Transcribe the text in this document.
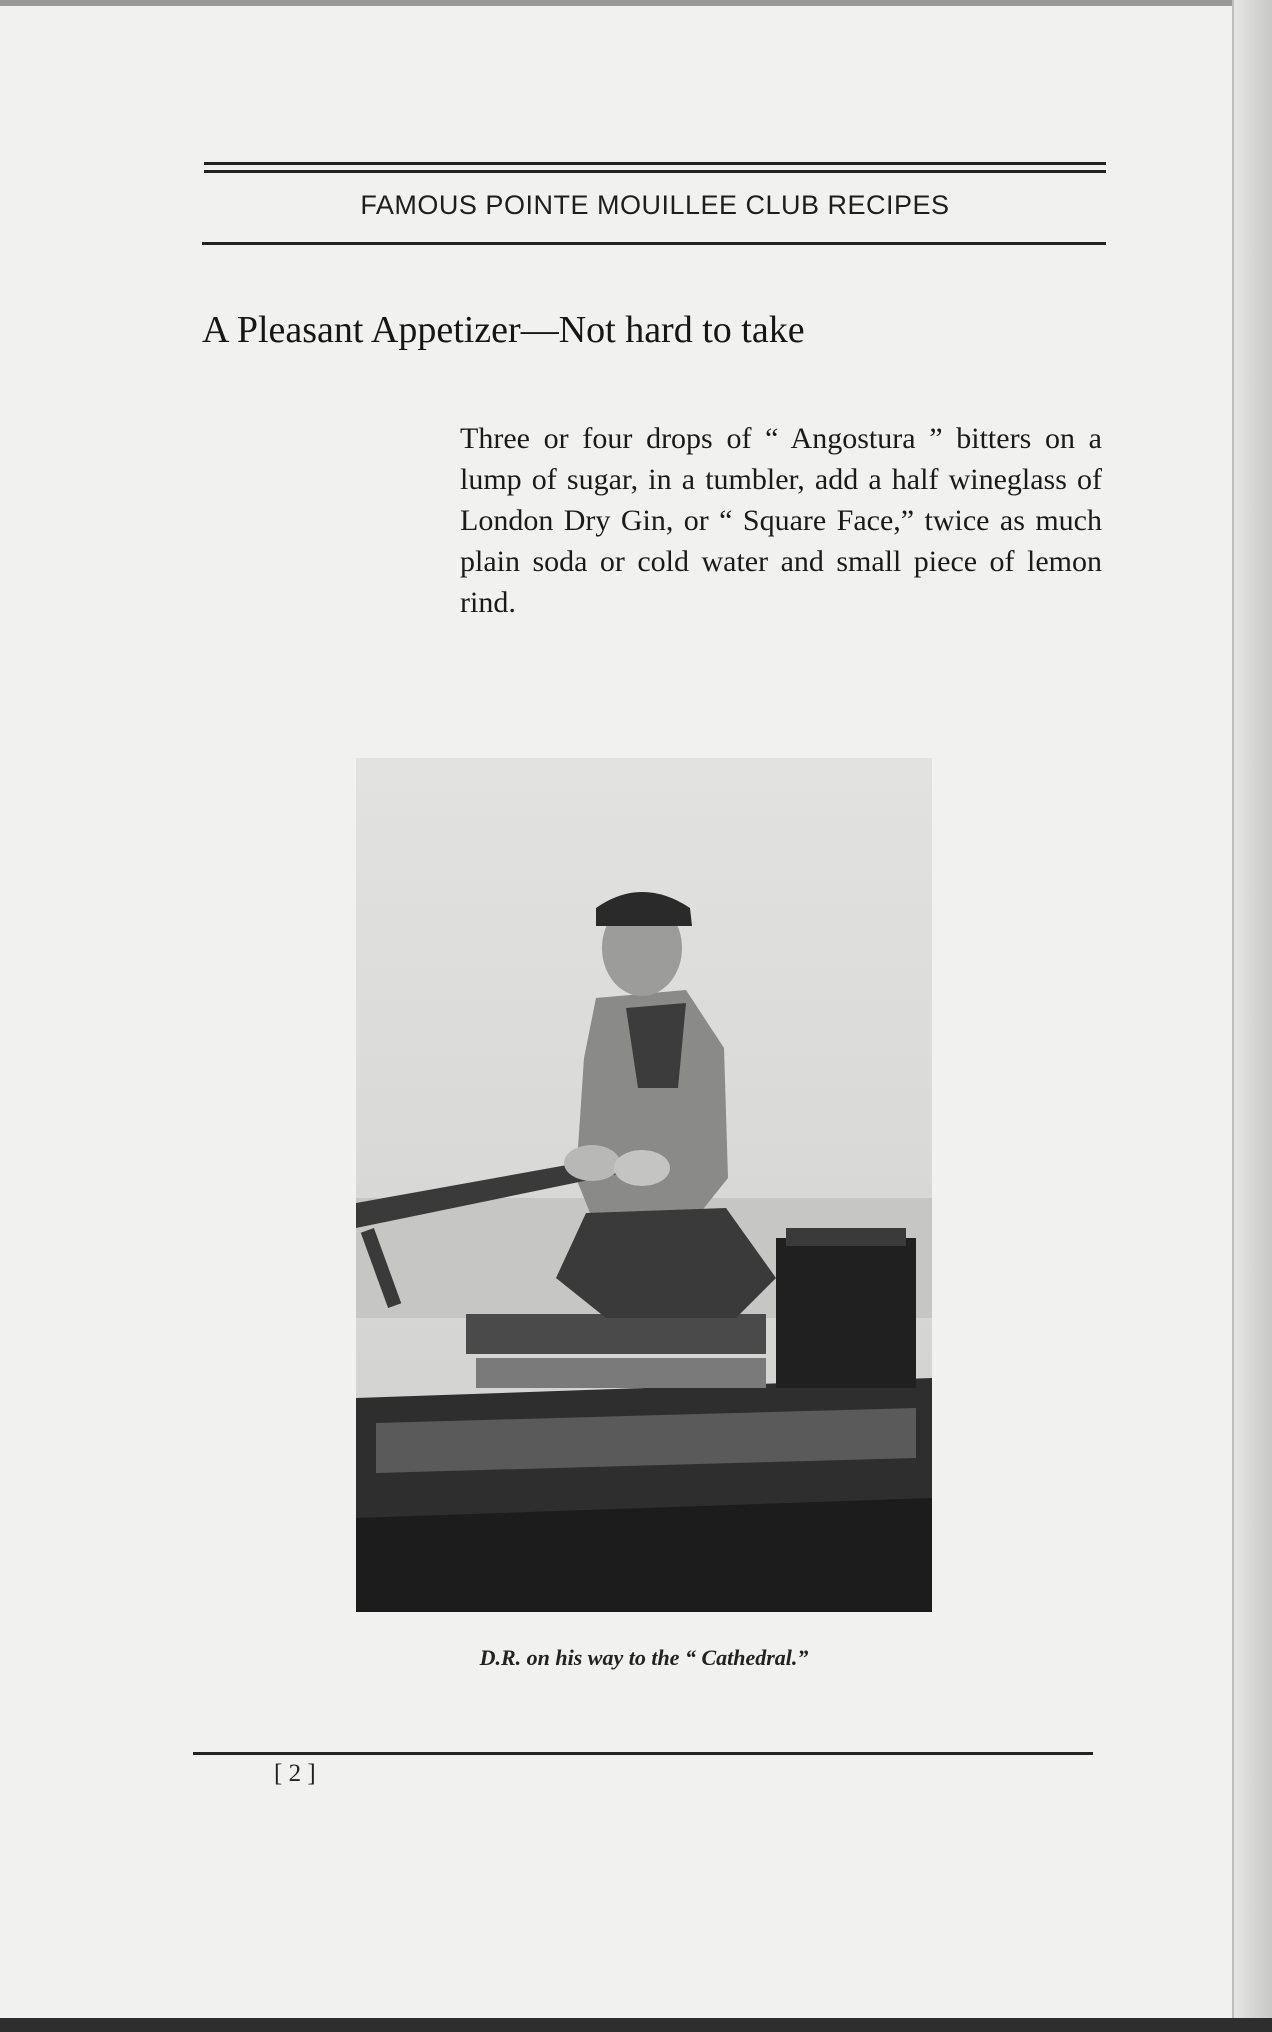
FAMOUS POINTE MOUILLEE CLUB RECIPES
A Pleasant Appetizer—Not hard to take
Three or four drops of “ Angostura ” bitters on a lump of sugar, in a tumbler, add a half wineglass of London Dry Gin, or “ Square Face,” twice as much plain soda or cold water and small piece of lemon rind.
D.R. on his way to the “ Cathedral.”
[ 2 ]
